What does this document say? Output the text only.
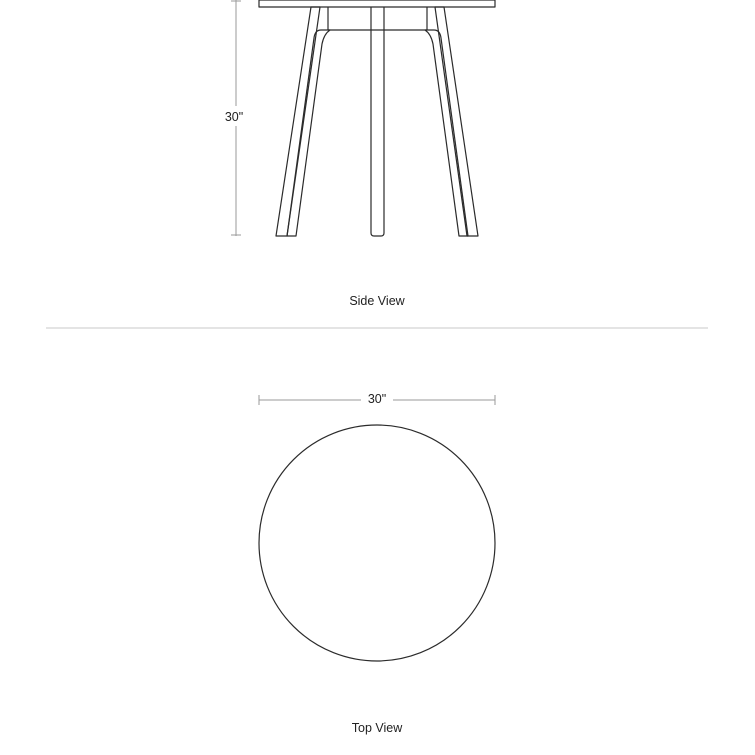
30"
Side View
30"
Top View
